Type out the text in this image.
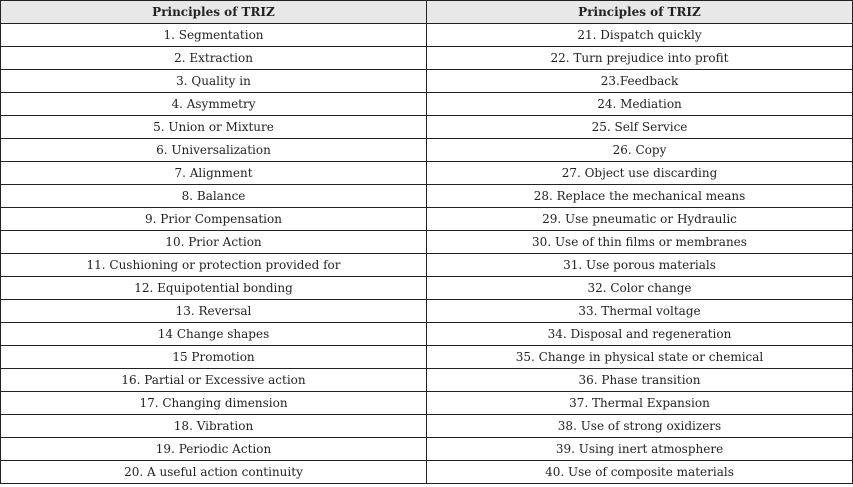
Principles of TRIZ	Principles of TRIZ
1. Segmentation	21. Dispatch quickly
2. Extraction	22. Turn prejudice into profit
3. Quality in	23.Feedback
4. Asymmetry	24. Mediation
5. Union or Mixture	25. Self Service
6. Universalization	26. Copy
7. Alignment	27. Object use discarding
8. Balance	28. Replace the mechanical means
9. Prior Compensation	29. Use pneumatic or Hydraulic
10. Prior Action	30. Use of thin films or membranes
11. Cushioning or protection provided for	31. Use porous materials
12. Equipotential bonding	32. Color change
13. Reversal	33. Thermal voltage
14 Change shapes	34. Disposal and regeneration
15 Promotion	35. Change in physical state or chemical
16. Partial or Excessive action	36. Phase transition
17. Changing dimension	37. Thermal Expansion
18. Vibration	38. Use of strong oxidizers
19. Periodic Action	39. Using inert atmosphere
20. A useful action continuity	40. Use of composite materials
